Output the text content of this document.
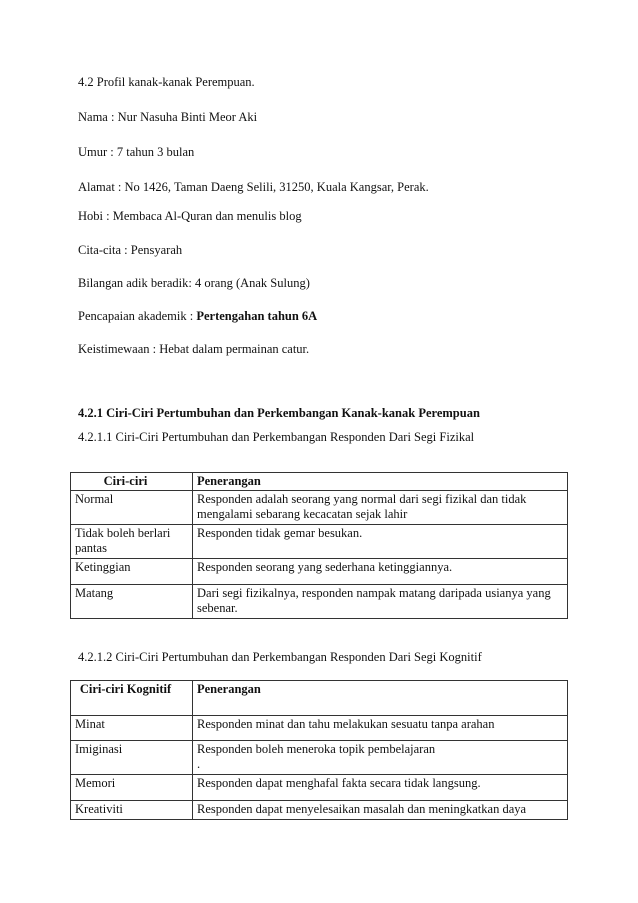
4.2 Profil kanak-kanak Perempuan.
Nama : Nur Nasuha Binti Meor Aki
Umur : 7 tahun 3 bulan
Alamat : No 1426, Taman Daeng Selili, 31250, Kuala Kangsar, Perak.
Hobi : Membaca Al-Quran dan menulis blog
Cita-cita : Pensyarah
Bilangan adik beradik: 4 orang (Anak Sulung)
Pencapaian akademik : Pertengahan tahun 6A
Keistimewaan : Hebat dalam permainan catur.
4.2.1 Ciri-Ciri Pertumbuhan dan Perkembangan Kanak-kanak Perempuan
4.2.1.1 Ciri-Ciri Pertumbuhan dan Perkembangan Responden Dari Segi Fizikal
Ciri-ciri	Penerangan
Normal	Responden adalah seorang yang normal dari segi fizikal dan tidak mengalami sebarang kecacatan sejak lahir
Tidak boleh berlari pantas	Responden tidak gemar besukan.
Ketinggian	Responden seorang yang sederhana ketinggiannya.
Matang	Dari segi fizikalnya, responden nampak matang daripada usianya yang sebenar.
4.2.1.2 Ciri-Ciri Pertumbuhan dan Perkembangan Responden Dari Segi Kognitif
Ciri-ciri Kognitif	Penerangan
Minat	Responden minat dan tahu melakukan sesuatu tanpa arahan
Imiginasi	Responden boleh meneroka topik pembelajaran
.

Memori	Responden dapat menghafal fakta secara tidak langsung.
Kreativiti	Responden dapat menyelesaikan masalah dan meningkatkan daya
